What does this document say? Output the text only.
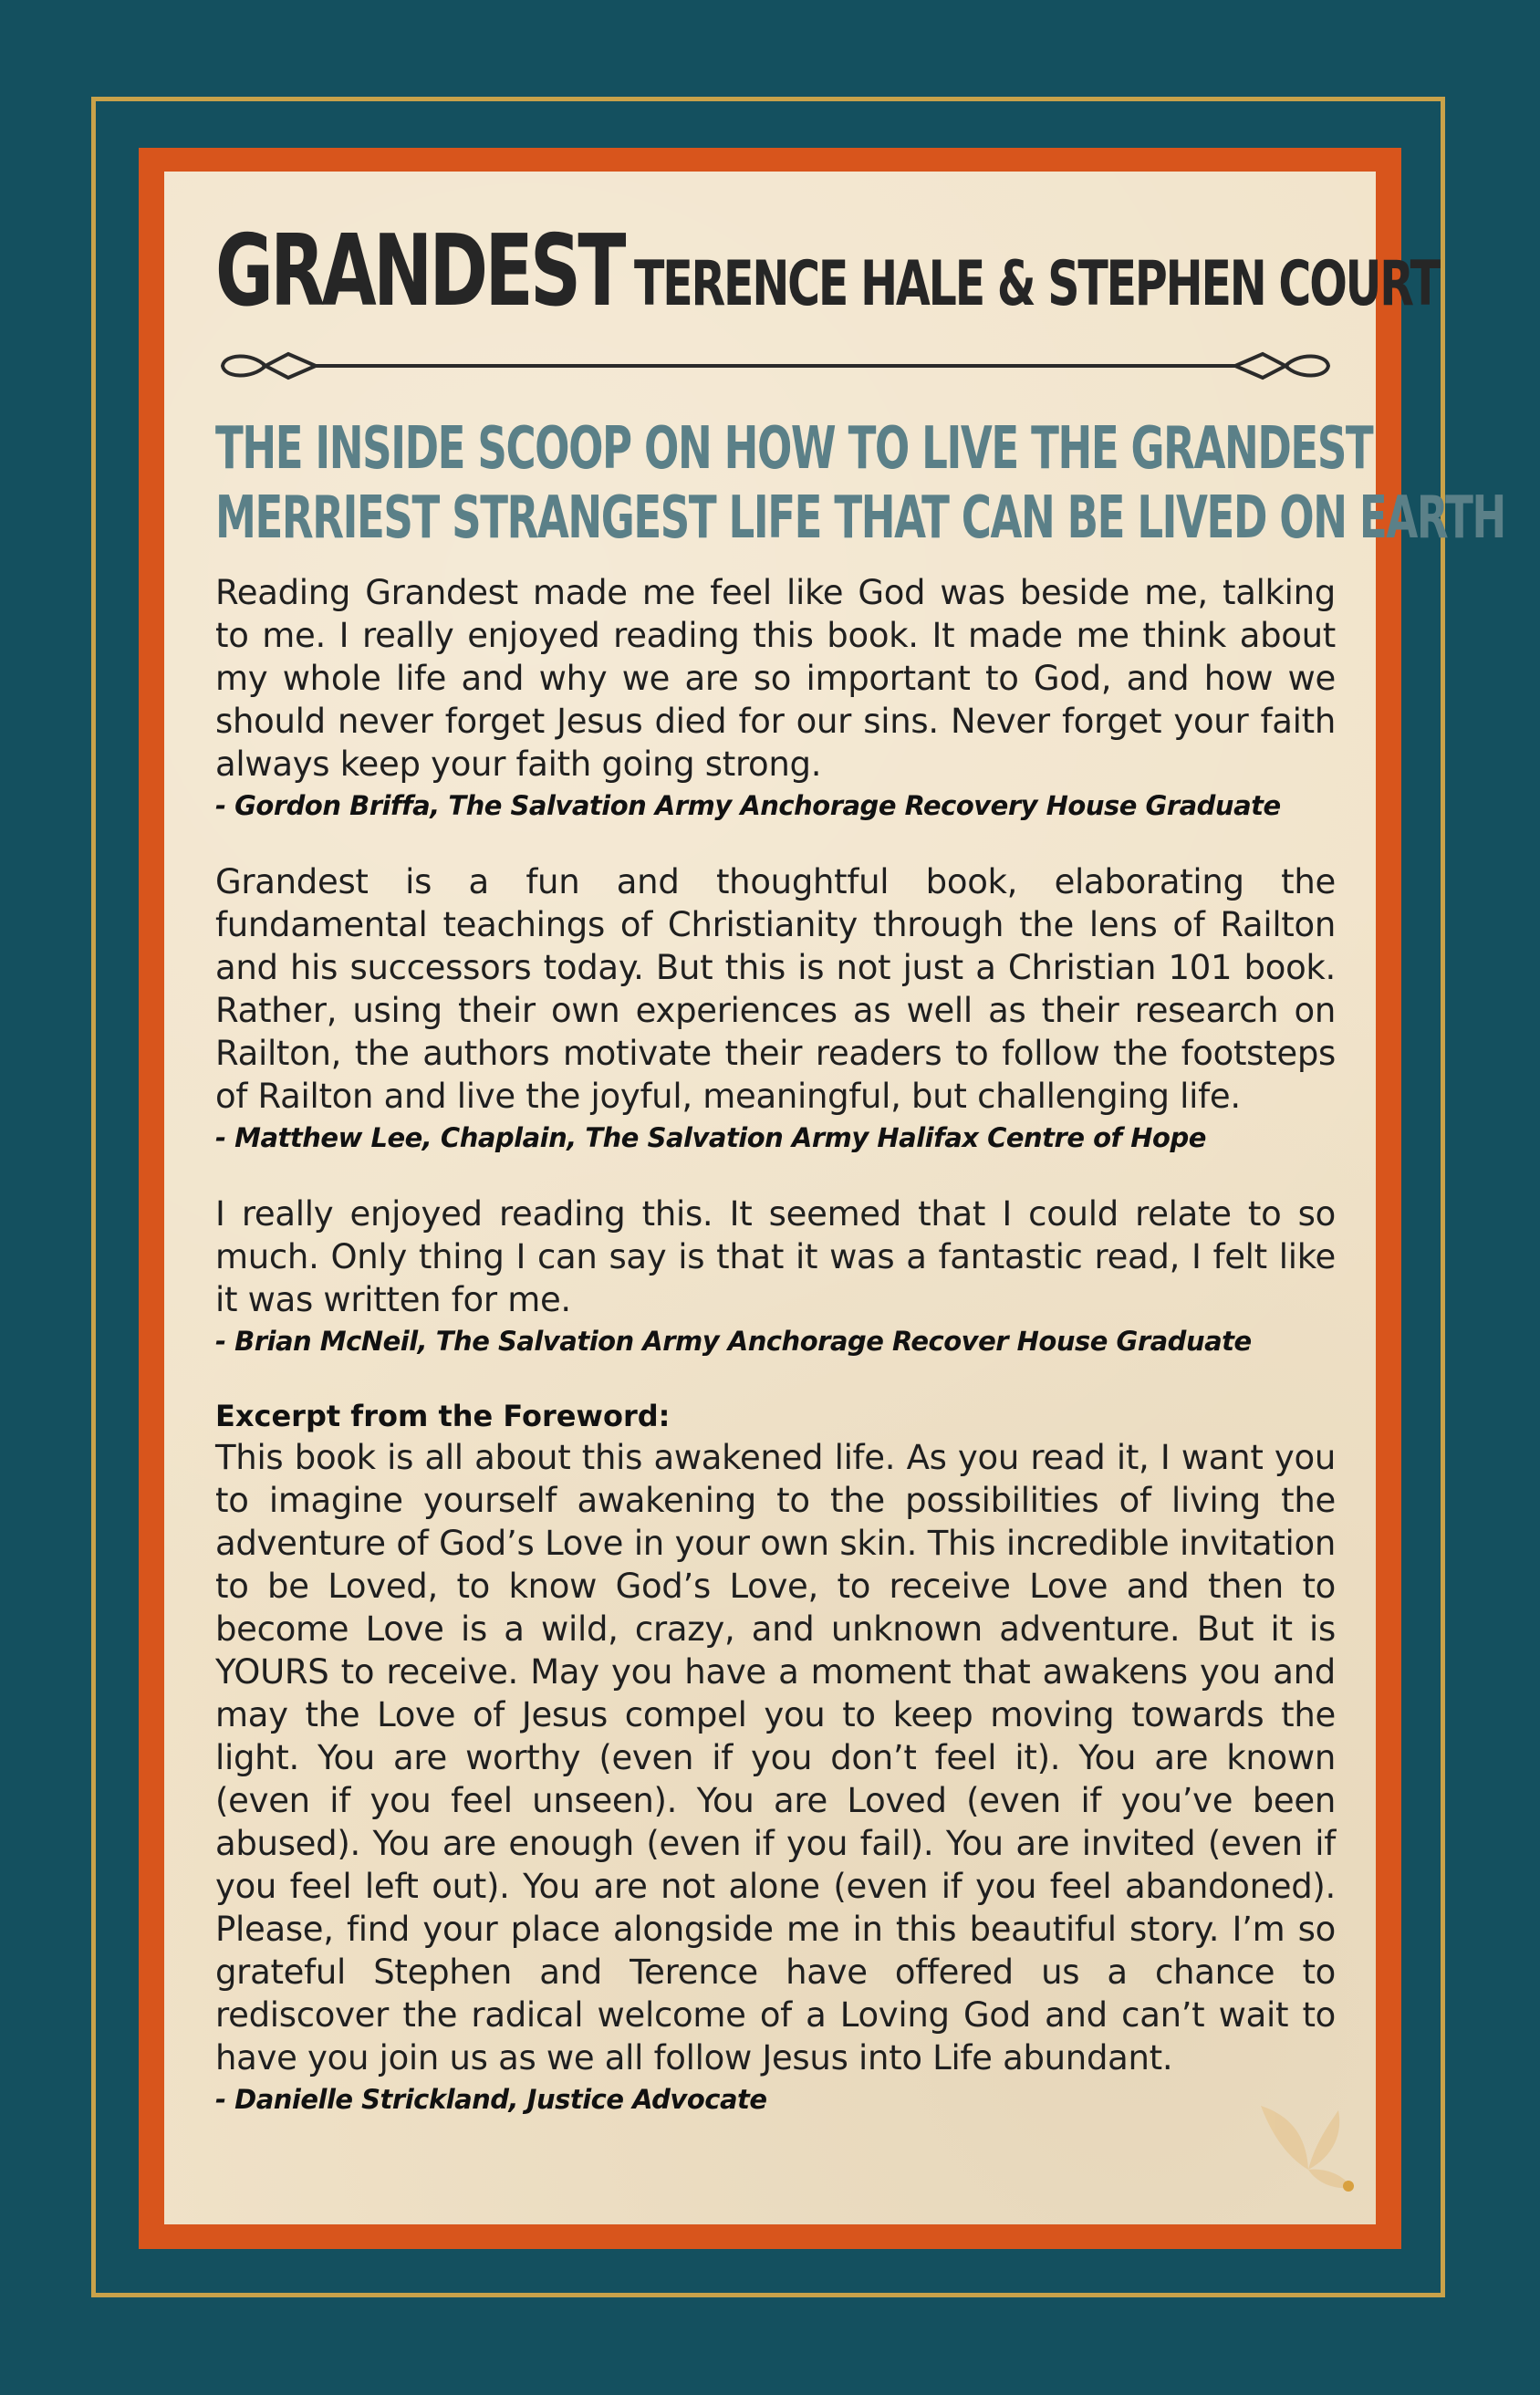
GRANDEST TERENCE HALE & STEPHEN COURT
THE INSIDE SCOOP ON HOW TO LIVE THE GRANDEST
MERRIEST STRANGEST LIFE THAT CAN BE LIVED ON EARTH

Reading Grandest made me feel like God was beside me, talking to me. I really enjoyed reading this book. It made me think about my whole life and why we are so important to God, and how we should never forget Jesus died for our sins. Never forget your faith always keep your faith going strong.

- Gordon Briffa, The Salvation Army Anchorage Recovery House Graduate

Grandest is a fun and thoughtful book, elaborating the fundamental teachings of Christianity through the lens of Railton and his successors today. But this is not just a Christian 101 book. Rather, using their own experiences as well as their research on Railton, the authors motivate their readers to follow the footsteps of Railton and live the joyful, meaningful, but challenging life.

- Matthew Lee, Chaplain, The Salvation Army Halifax Centre of Hope

I really enjoyed reading this. It seemed that I could relate to so much. Only thing I can say is that it was a fantastic read, I felt like it was written for me.

- Brian McNeil, The Salvation Army Anchorage Recover House Graduate

Excerpt from the Foreword:

This book is all about this awakened life. As you read it, I want you to imagine yourself awakening to the possibilities of living the adventure of God’s Love in your own skin. This incredible invitation to be Loved, to know God’s Love, to receive Love and then to become Love is a wild, crazy, and unknown adventure. But it is YOURS to receive. May you have a moment that awakens you and may the Love of Jesus compel you to keep moving towards the light. You are worthy (even if you don’t feel it). You are known (even if you feel unseen). You are Loved (even if you’ve been abused). You are enough (even if you fail). You are invited (even if you feel left out). You are not alone (even if you feel abandoned). Please, find your place alongside me in this beautiful story. I’m so grateful Stephen and Terence have offered us a chance to rediscover the radical welcome of a Loving God and can’t wait to have you join us as we all follow Jesus into Life abundant.

- Danielle Strickland, Justice Advocate
